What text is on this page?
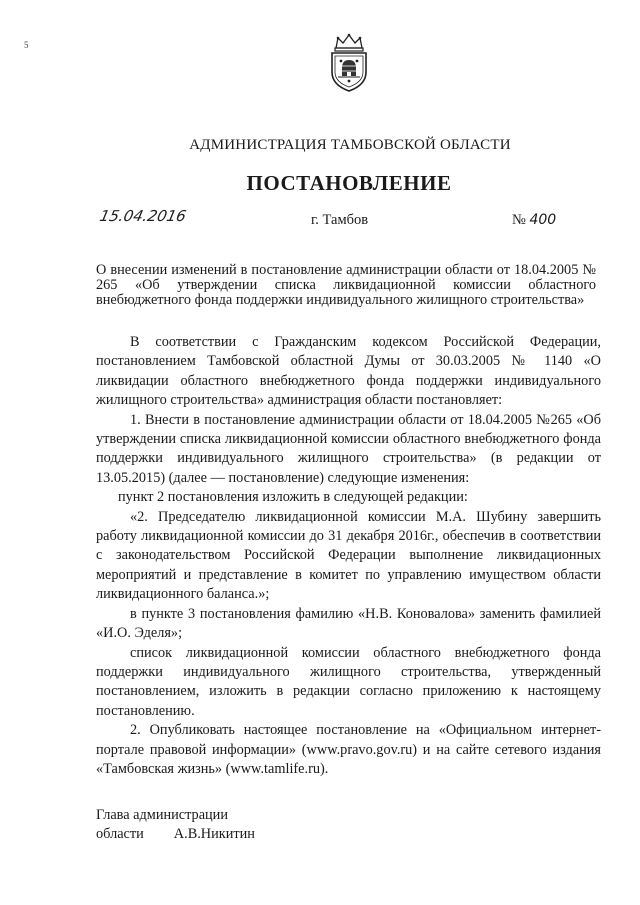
5
АДМИНИСТРАЦИЯ ТАМБОВСКОЙ ОБЛАСТИ
ПОСТАНОВЛЕНИЕ
15.04.2016	г. Тамбов	№ 400

О внесении изменений в постановление администрации области от 18.04.2005 № 265 «Об утверждении списка ликвидационной комиссии областного внебюджетного фонда поддержки индивидуального жилищного строительства»

В соответствии с Гражданским кодексом Российской Федерации, постановлением Тамбовской областной Думы от 30.03.2005 № 1140 «О ликвидации областного внебюджетного фонда поддержки индивидуального жилищного строительства» администрация области постановляет:

1. Внести в постановление администрации области от 18.04.2005 №265 «Об утверждении списка ликвидационной комиссии областного внебюджетного фонда поддержки индивидуального жилищного строительства» (в редакции от 13.05.2015) (далее — постановление) следующие изменения:

пункт 2 постановления изложить в следующей редакции:

«2. Председателю ликвидационной комиссии М.А. Шубину завершить работу ликвидационной комиссии до 31 декабря 2016г., обеспечив в соответствии с законодательством Российской Федерации выполнение ликвидационных мероприятий и представление в комитет по управлению имуществом области ликвидационного баланса.»;

в пункте 3 постановления фамилию «Н.В. Коновалова» заменить фамилией «И.О. Эделя»;

список ликвидационной комиссии областного внебюджетного фонда поддержки индивидуального жилищного строительства, утвержденный постановлением, изложить в редакции согласно приложению к настоящему постановлению.

2. Опубликовать настоящее постановление на «Официальном интернет-портале правовой информации» (www.pravo.gov.ru) и на сайте сетевого издания «Тамбовская жизнь» (www.tamlife.ru).

Глава администрации
области А.В.Никитин
